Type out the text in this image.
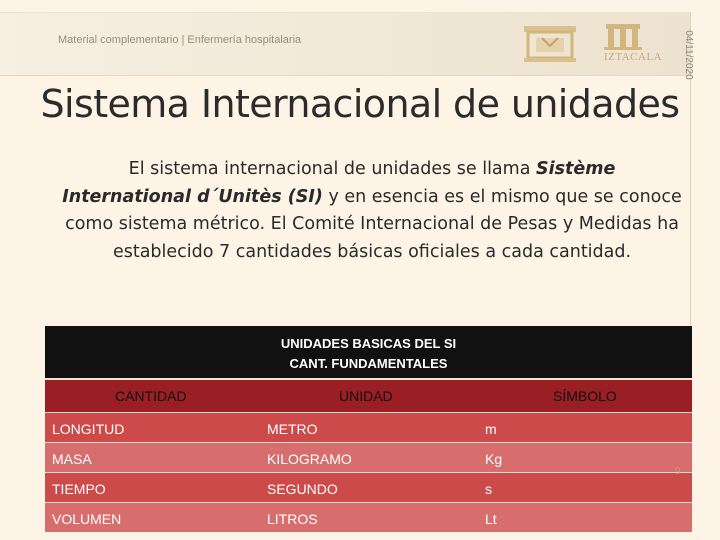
Material complementario | Enfermería hospitalaria
IZTACALA	04/11/2020
Sistema Internacional de unidades
El sistema internacional de unidades se llama Sistème International d´Unitès (SI) y en esencia es el mismo que se conoce como sistema métrico. El Comité Internacional de Pesas y Medidas ha establecido 7 cantidades básicas oficiales a cada cantidad.
UNIDADES BASICAS DEL SI
CANT. FUNDAMENTALES
CANTIDAD	UNIDAD	SÍMBOLO
LONGITUD	METRO	m
MASA	KILOGRAMO	Kg
TIEMPO	SEGUNDO	s
VOLUMEN	LITROS	Lt
9
